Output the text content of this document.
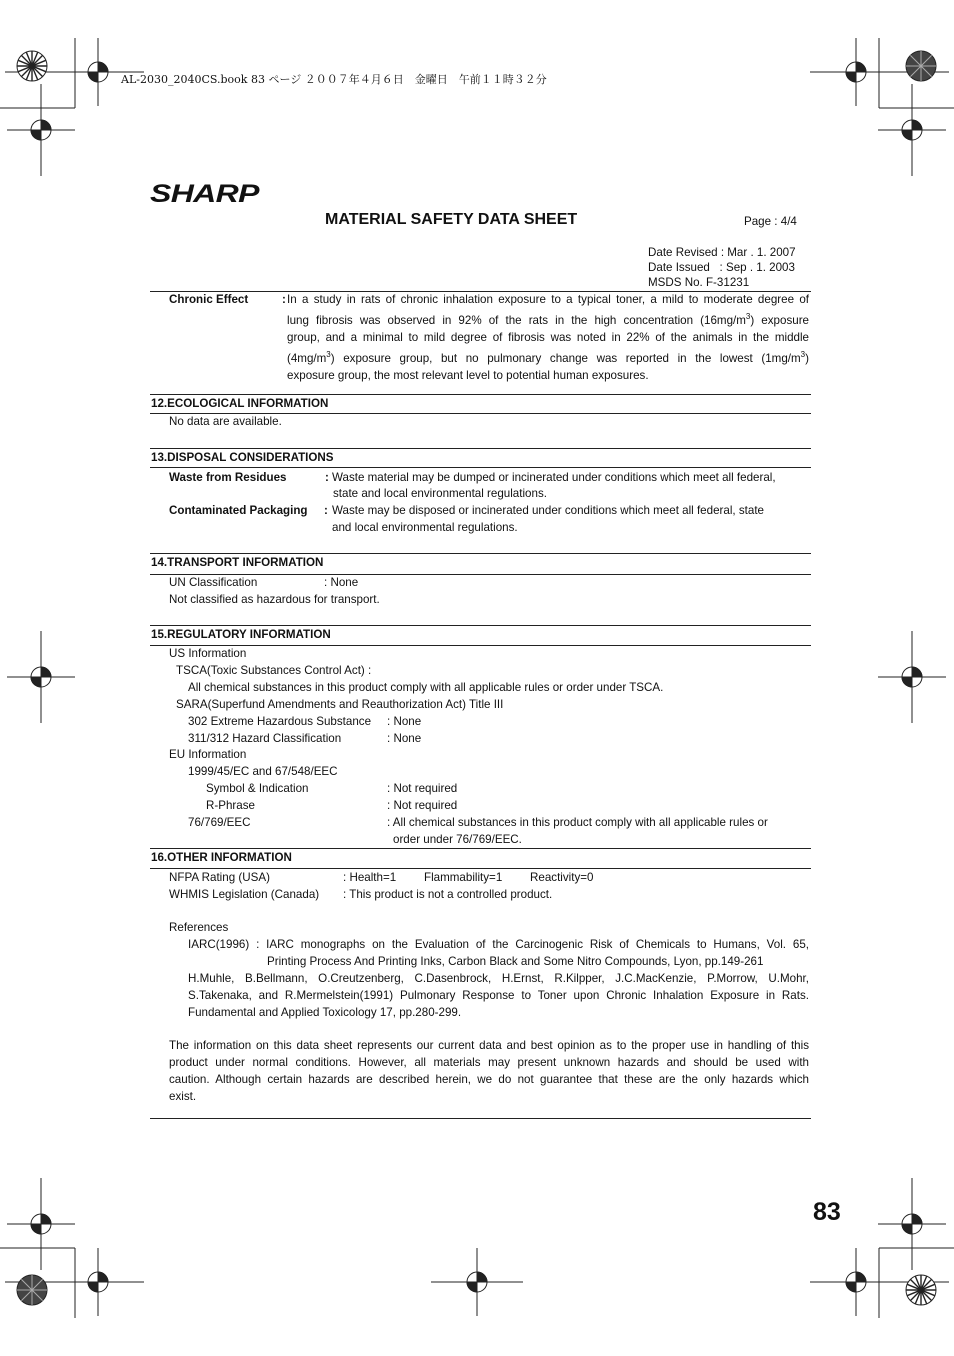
AL-2030_2040CS.book 83 ページ ２００７年４月６日　金曜日　午前１１時３２分
SHARP
MATERIAL SAFETY DATA SHEET	Page : 4/4
Date Revised : Mar . 1. 2007
Date Issued   : Sep . 1. 2003
MSDS No. F-31231
Chronic Effect	: In a study in rats of chronic inhalation exposure to a typical toner, a mild to moderate degree of
lung fibrosis was observed in 92% of the rats in the high concentration $(16mg/m^3)$ exposure
group, and a minimal to mild degree of fibrosis was noted in 22% of the animals in the middle
$(4mg/m^3)$ exposure group, but no pulmonary change was reported in the lowest $(1mg/m^3)$
exposure group, the most relevant level to potential human exposures.
12.ECOLOGICAL INFORMATION
No data are available.
13.DISPOSAL CONSIDERATIONS
Waste from Residues	: Waste material may be dumped or incinerated under conditions which meet all federal,
state and local environmental regulations.
Contaminated Packaging : Waste may be disposed or incinerated under conditions which meet all federal, state
and local environmental regulations.
14.TRANSPORT INFORMATION
UN Classification	: None
Not classified as hazardous for transport.
15.REGULATORY INFORMATION
US Information
TSCA(Toxic Substances Control Act) :
All chemical substances in this product comply with all applicable rules or order under TSCA.
SARA(Superfund Amendments and Reauthorization Act) Title III
302 Extreme Hazardous Substance : None
311/312 Hazard Classification	: None
EU Information
1999/45/EC and 67/548/EEC
Symbol & Indication	: Not required
R-Phrase	: Not required
76/769/EEC	: All chemical substances in this product comply with all applicable rules or
order under 76/769/EEC.
16.OTHER INFORMATION
NFPA Rating (USA)	: Health=1 Flammability=1 Reactivity=0
WHMIS Legislation (Canada) : This product is not a controlled product.
References
IARC(1996) : IARC monographs on the Evaluation of the Carcinogenic Risk of Chemicals to Humans, Vol. 65,
Printing Process And Printing Inks, Carbon Black and Some Nitro Compounds, Lyon, pp.149-261
H.Muhle, B.Bellmann, O.Creutzenberg, C.Dasenbrock, H.Ernst, R.Kilpper, J.C.MacKenzie, P.Morrow, U.Mohr,
S.Takenaka, and R.Mermelstein(1991) Pulmonary Response to Toner upon Chronic Inhalation Exposure in Rats.
Fundamental and Applied Toxicology 17, pp.280-299.
The information on this data sheet represents our current data and best opinion as to the proper use in handling of this
product under normal conditions. However, all materials may present unknown hazards and should be used with
caution. Although certain hazards are described herein, we do not guarantee that these are the only hazards which
exist.
83
